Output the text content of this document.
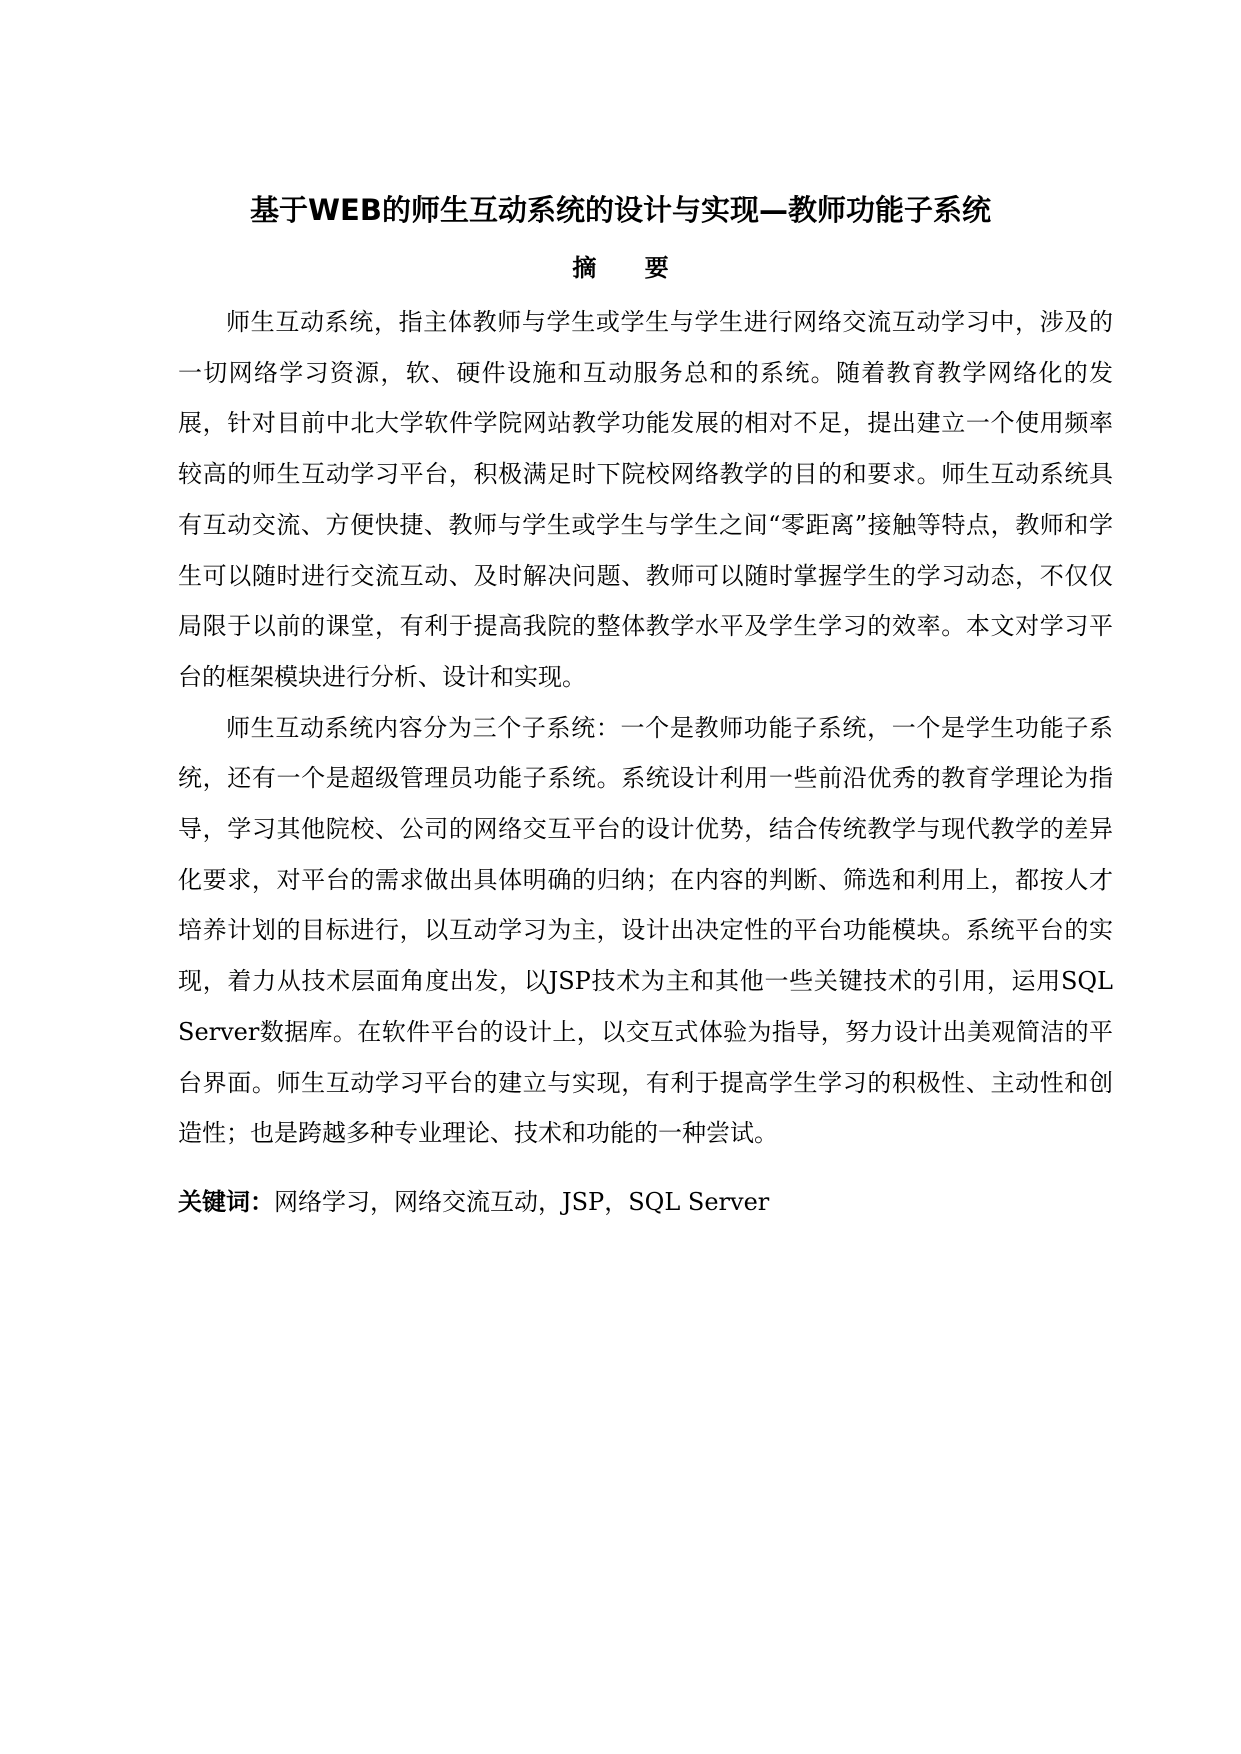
基于WEB的师生互动系统的设计与实现—教师功能子系统
摘 要

师生互动系统，指主体教师与学生或学生与学生进行网络交流互动学习中，涉及的一切网络学习资源，软、硬件设施和互动服务总和的系统。随着教育教学网络化的发展，针对目前中北大学软件学院网站教学功能发展的相对不足，提出建立一个使用频率较高的师生互动学习平台，积极满足时下院校网络教学的目的和要求。师生互动系统具有互动交流、方便快捷、教师与学生或学生与学生之间“零距离”接触等特点，教师和学生可以随时进行交流互动、及时解决问题、教师可以随时掌握学生的学习动态，不仅仅局限于以前的课堂，有利于提高我院的整体教学水平及学生学习的效率。本文对学习平台的框架模块进行分析、设计和实现。

师生互动系统内容分为三个子系统：一个是教师功能子系统，一个是学生功能子系统，还有一个是超级管理员功能子系统。系统设计利用一些前沿优秀的教育学理论为指导，学习其他院校、公司的网络交互平台的设计优势，结合传统教学与现代教学的差异化要求，对平台的需求做出具体明确的归纳；在内容的判断、筛选和利用上，都按人才培养计划的目标进行，以互动学习为主，设计出决定性的平台功能模块。系统平台的实现，着力从技术层面角度出发，以JSP技术为主和其他一些关键技术的引用，运用SQL Server数据库。在软件平台的设计上，以交互式体验为指导，努力设计出美观简洁的平台界面。师生互动学习平台的建立与实现，有利于提高学生学习的积极性、主动性和创造性；也是跨越多种专业理论、技术和功能的一种尝试。

关键词：网络学习，网络交流互动，JSP，SQL Server
